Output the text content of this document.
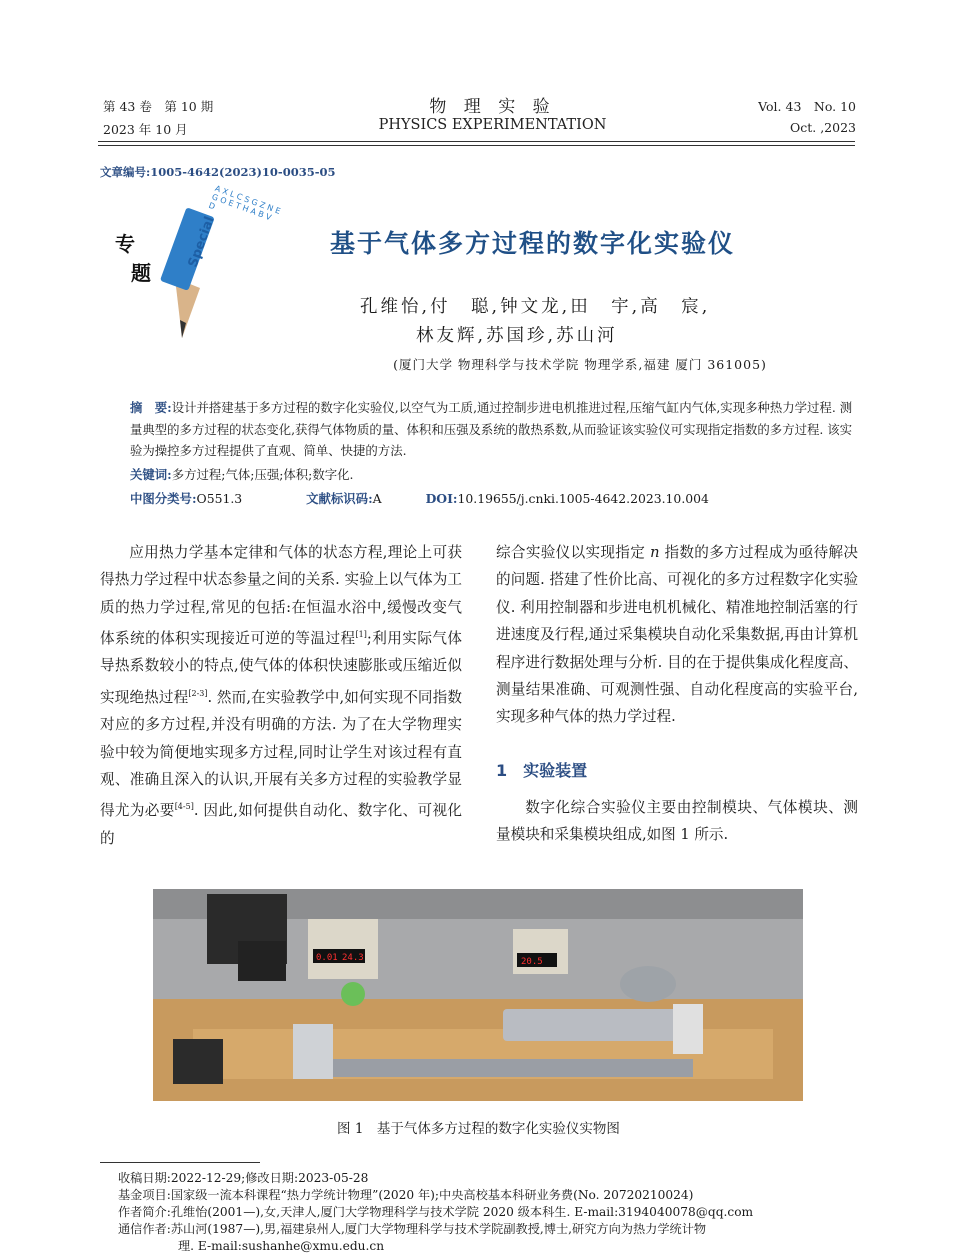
第 43 卷　第 10 期
2023 年 10 月
物 理 实 验
PHYSICS EXPERIMENTATION
Vol. 43　No. 10
Oct. ,2023
文章编号:1005-4642(2023)10-0035-05
专
题
Special
A X L C S G Z N E G O E T H A B V D
基于气体多方过程的数字化实验仪
孔维怡,付　聪,钟文龙,田　宇,高　宸,
林友辉,苏国珍,苏山河
(厦门大学 物理科学与技术学院 物理学系,福建 厦门 361005)
摘　要:设计并搭建基于多方过程的数字化实验仪,以空气为工质,通过控制步进电机推进过程,压缩气缸内气体,实现多种热力学过程. 测量典型的多方过程的状态变化,获得气体物质的量、体积和压强及系统的散热系数,从而验证该实验仪可实现指定指数的多方过程. 该实验为操控多方过程提供了直观、简单、快捷的方法.
关键词:多方过程;气体;压强;体积;数字化.
中图分类号:O551.3	文献标识码:A	DOI:10.19655/j.cnki.1005-4642.2023.10.004

应用热力学基本定律和气体的状态方程,理论上可获得热力学过程中状态参量之间的关系. 实验上以气体为工质的热力学过程,常见的包括:在恒温水浴中,缓慢改变气体系统的体积实现接近可逆的等温过程[1];利用实际气体导热系数较小的特点,使气体的体积快速膨胀或压缩近似实现绝热过程[2-3]. 然而,在实验教学中,如何实现不同指数对应的多方过程,并没有明确的方法. 为了在大学物理实验中较为简便地实现多方过程,同时让学生对该过程有直观、准确且深入的认识,开展有关多方过程的实验教学显得尤为必要[4-5]. 因此,如何提供自动化、数字化、可视化的

综合实验仪以实现指定 n 指数的多方过程成为亟待解决的问题. 搭建了性价比高、可视化的多方过程数字化实验仪. 利用控制器和步进电机机械化、精准地控制活塞的行进速度及行程,通过采集模块自动化采集数据,再由计算机程序进行数据处理与分析. 目的在于提供集成化程度高、测量结果准确、可观测性强、自动化程度高的实验平台,实现多种气体的热力学过程.

1　实验装置

数字化综合实验仪主要由控制模块、气体模块、测量模块和采集模块组成,如图 1 所示.

0.01 24.3	20.5
图 1　基于气体多方过程的数字化实验仪实物图
收稿日期:2022-12-29;修改日期:2023-05-28
基金项目:国家级一流本科课程“热力学统计物理”(2020 年);中央高校基本科研业务费(No. 20720210024)
作者简介:孔维怡(2001—),女,天津人,厦门大学物理科学与技术学院 2020 级本科生. E-mail:3194040078@qq.com
通信作者:苏山河(1987—),男,福建泉州人,厦门大学物理科学与技术学院副教授,博士,研究方向为热力学统计物
理. E-mail:sushanhe@xmu.edu.cn
